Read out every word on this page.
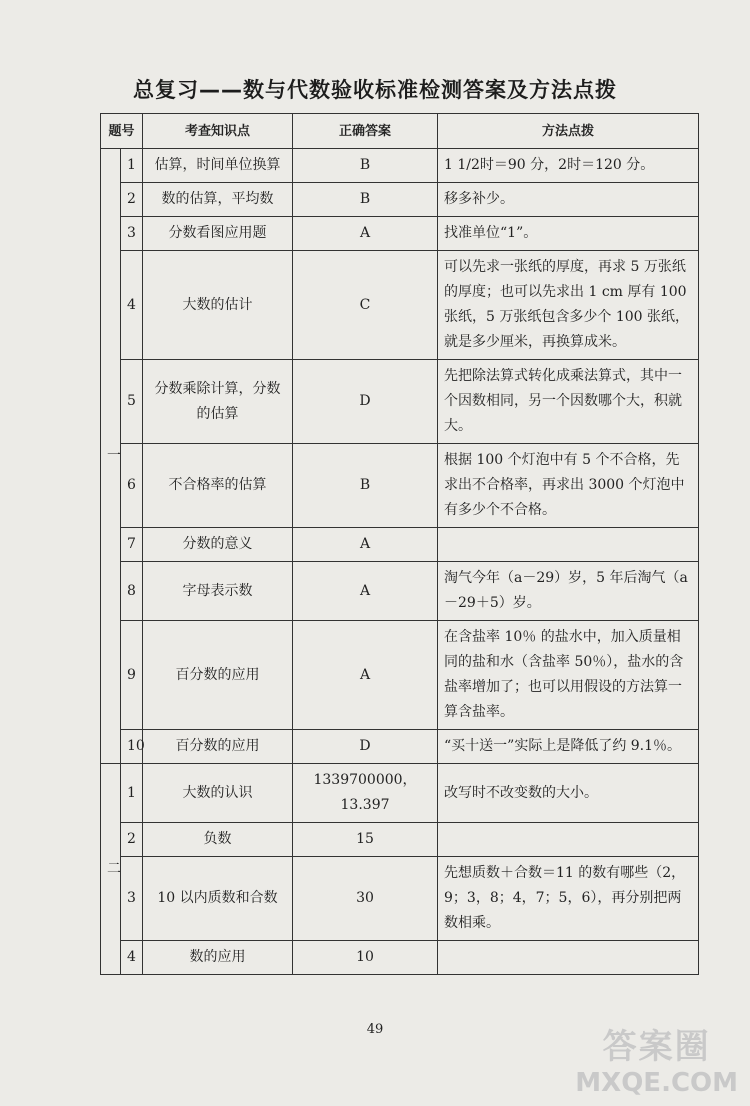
总复习——数与代数验收标准检测答案及方法点拨
题号		考查知识点	正确答案	方法点拨
一	1	估算，时间单位换算	B	1 1/2时＝90 分，2时＝120 分。
	2	数的估算，平均数	B	移多补少。
	3	分数看图应用题	A	找准单位“1”。
	4	大数的估计	C	可以先求一张纸的厚度，再求 5 万张纸的厚度；也可以先求出 1 cm 厚有 100 张纸，5 万张纸包含多少个 100 张纸，就是多少厘米，再换算成米。
	5	分数乘除计算，分数的估算	D	先把除法算式转化成乘法算式，其中一个因数相同，另一个因数哪个大，积就大。
	6	不合格率的估算	B	根据 100 个灯泡中有 5 个不合格，先求出不合格率，再求出 3000 个灯泡中有多少个不合格。
	7	分数的意义	A	
	8	字母表示数	A	淘气今年（a－29）岁，5 年后淘气（a－29＋5）岁。
	9	百分数的应用	A	在含盐率 10％ 的盐水中，加入质量相同的盐和水（含盐率 50％），盐水的含盐率增加了；也可以用假设的方法算一算含盐率。
	10	百分数的应用	D	“买十送一”实际上是降低了约 9.1％。
二	1	大数的认识	1339700000，13.397	改写时不改变数的大小。
	2	负数	15	
	3	10 以内质数和合数	30	先想质数＋合数＝11 的数有哪些（2，9；3，8；4，7；5，6），再分别把两数相乘。
	4	数的应用	10	
49	答案圈
MXQE.COM
